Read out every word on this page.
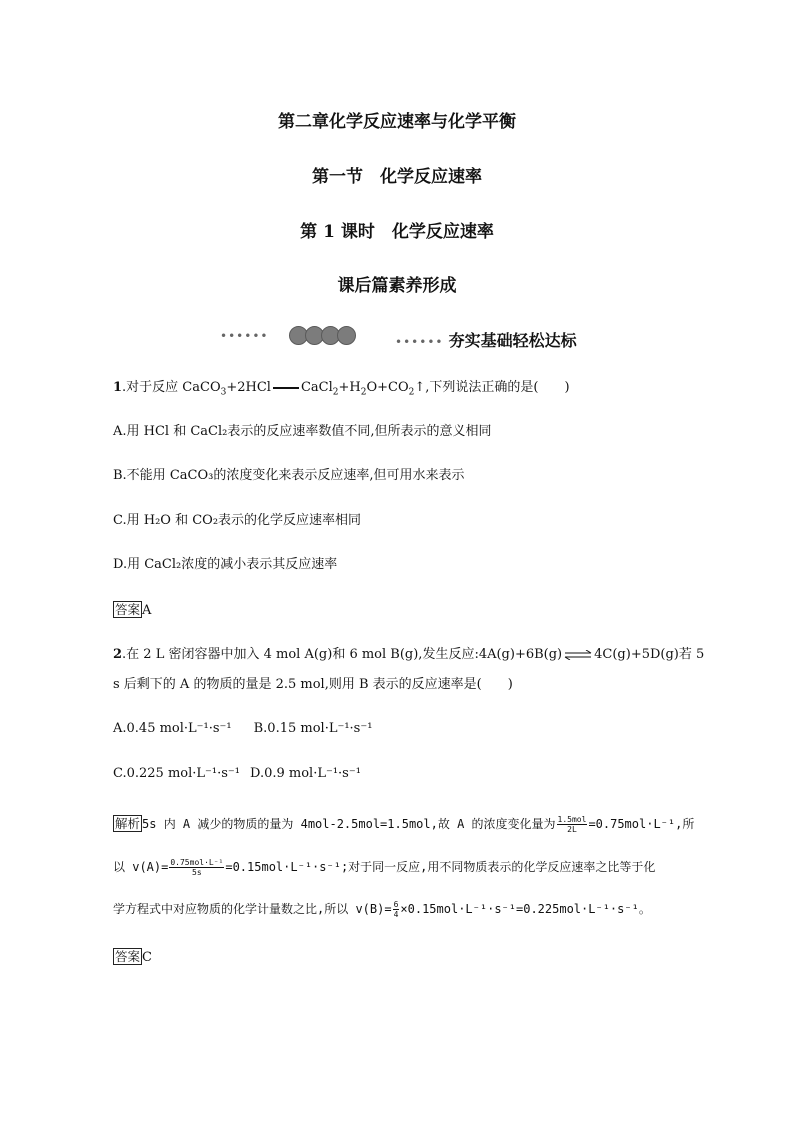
第二章化学反应速率与化学平衡
第一节　化学反应速率
第 1 课时　化学反应速率
课后篇素养形成
••••••	•••••• 夯实基础轻松达标
1.对于反应 CaCO$_3$+2HCl $CaCl_2+H_2O+CO_2↑$,下列说法正确的是(　　)
A.用 HCl 和 CaCl₂表示的反应速率数值不同,但所表示的意义相同
B.不能用 CaCO₃的浓度变化来表示反应速率,但可用水来表示
C.用 H₂O 和 CO₂表示的化学反应速率相同
D.用 CaCl₂浓度的减小表示其反应速率
答案 A
2.在 2 L 密闭容器中加入 4 mol A(g)和 6 mol B(g),发生反应:4A(g)+6B(g) ⇌ 4C(g)+5D(g)若 5
s 后剩下的 A 的物质的量是 2.5 mol,则用 B 表示的反应速率是(　　)
A.0.45 mol·L⁻¹·s⁻¹ B.0.15 mol·L⁻¹·s⁻¹
C.0.225 mol·L⁻¹·s⁻¹ D.0.9 mol·L⁻¹·s⁻¹
解析 5s 内 A 减少的物质的量为 4mol-2.5mol=1.5mol,故 A 的浓度变化量为 $\frac{\text{1.5mol}}{2L} =0.75mol\cdot L^{-1}$,所
以 $v(A)= \frac{\text{0.75mol·L⁻¹}}{5s} =0.15mol\cdot L^{-1}\cdot s^{-1}$;对于同一反应,用不同物质表示的化学反应速率之比等于化
学方程式中对应物质的化学计量数之比,所以 $v(B)= \frac{6}{4} \times 0.15mol\cdot L^{-1}\cdot s^{-1}=0.225mol\cdot L^{-1}\cdot s^{-1}$。
答案 C
